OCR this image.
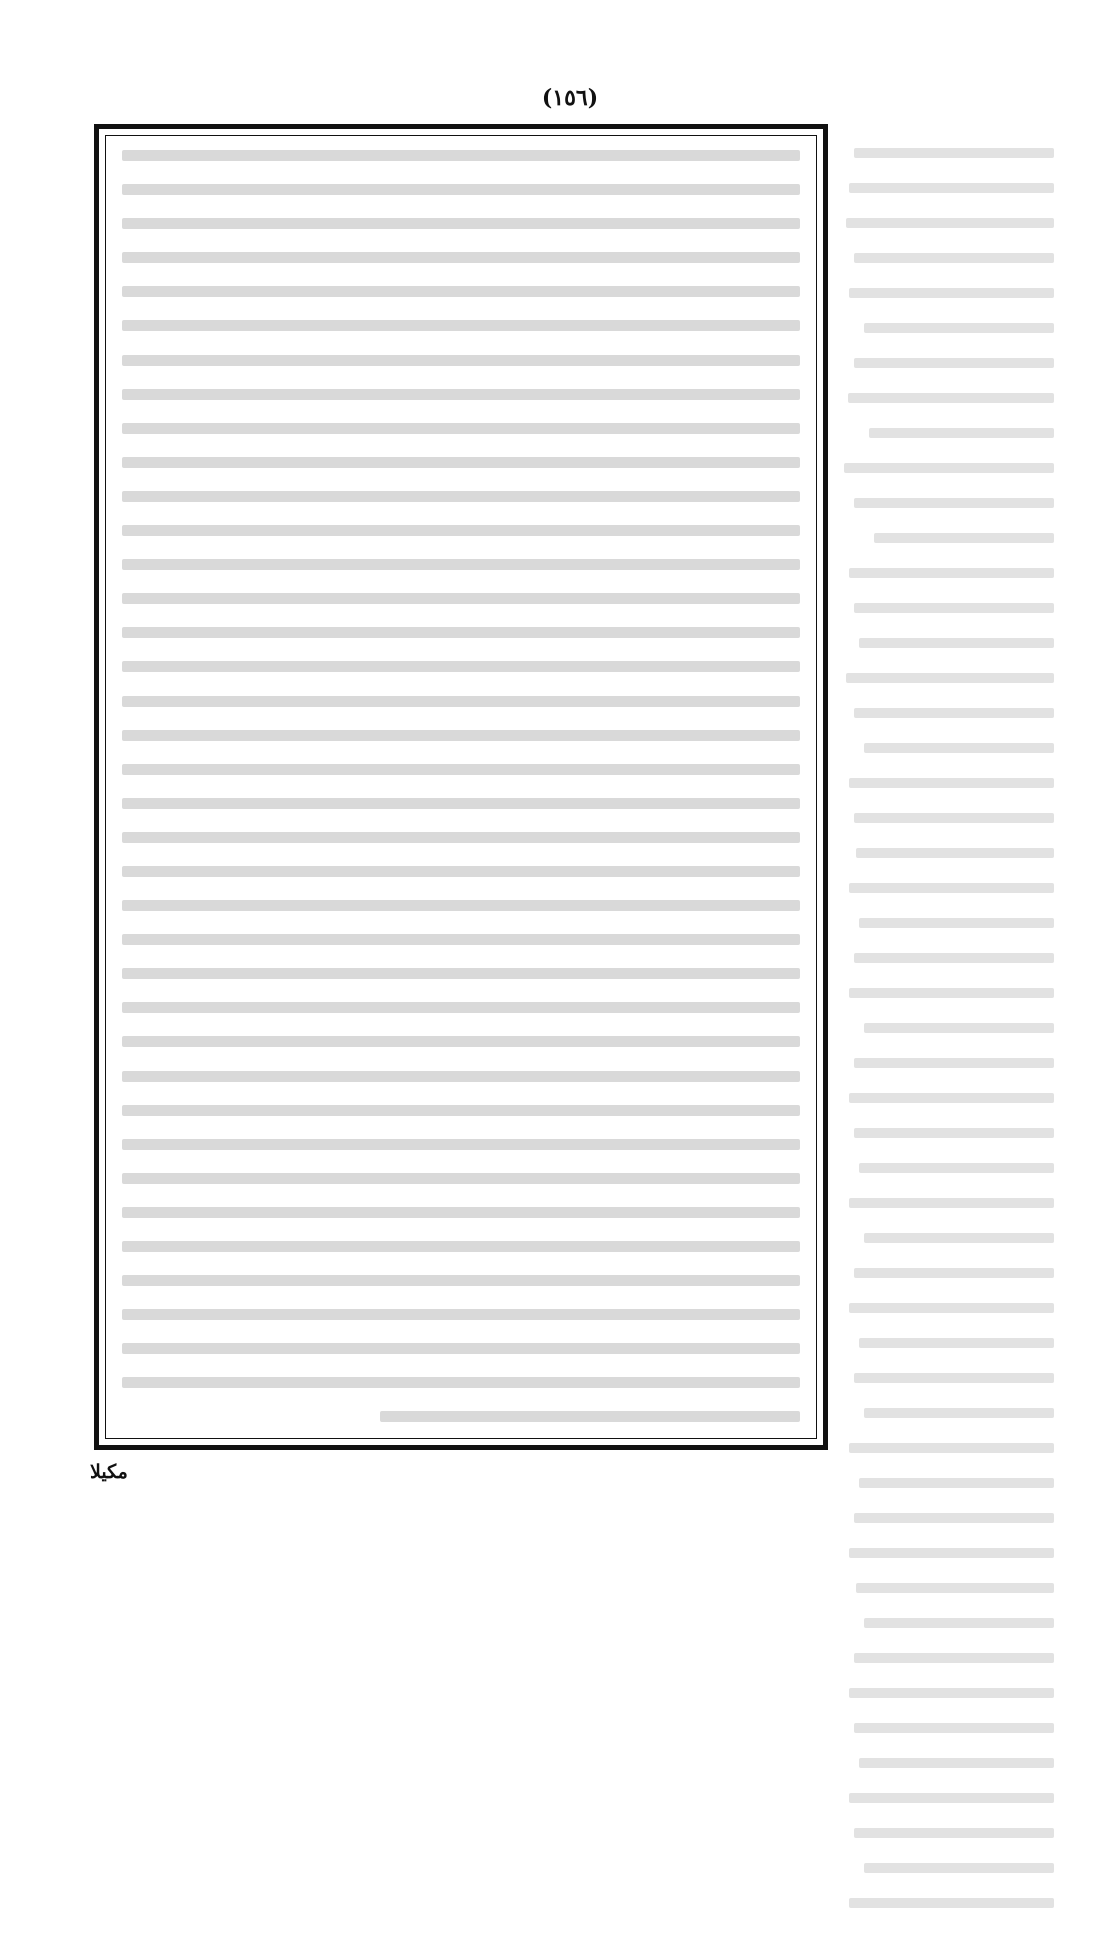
(١٥٦)
مكيلا
